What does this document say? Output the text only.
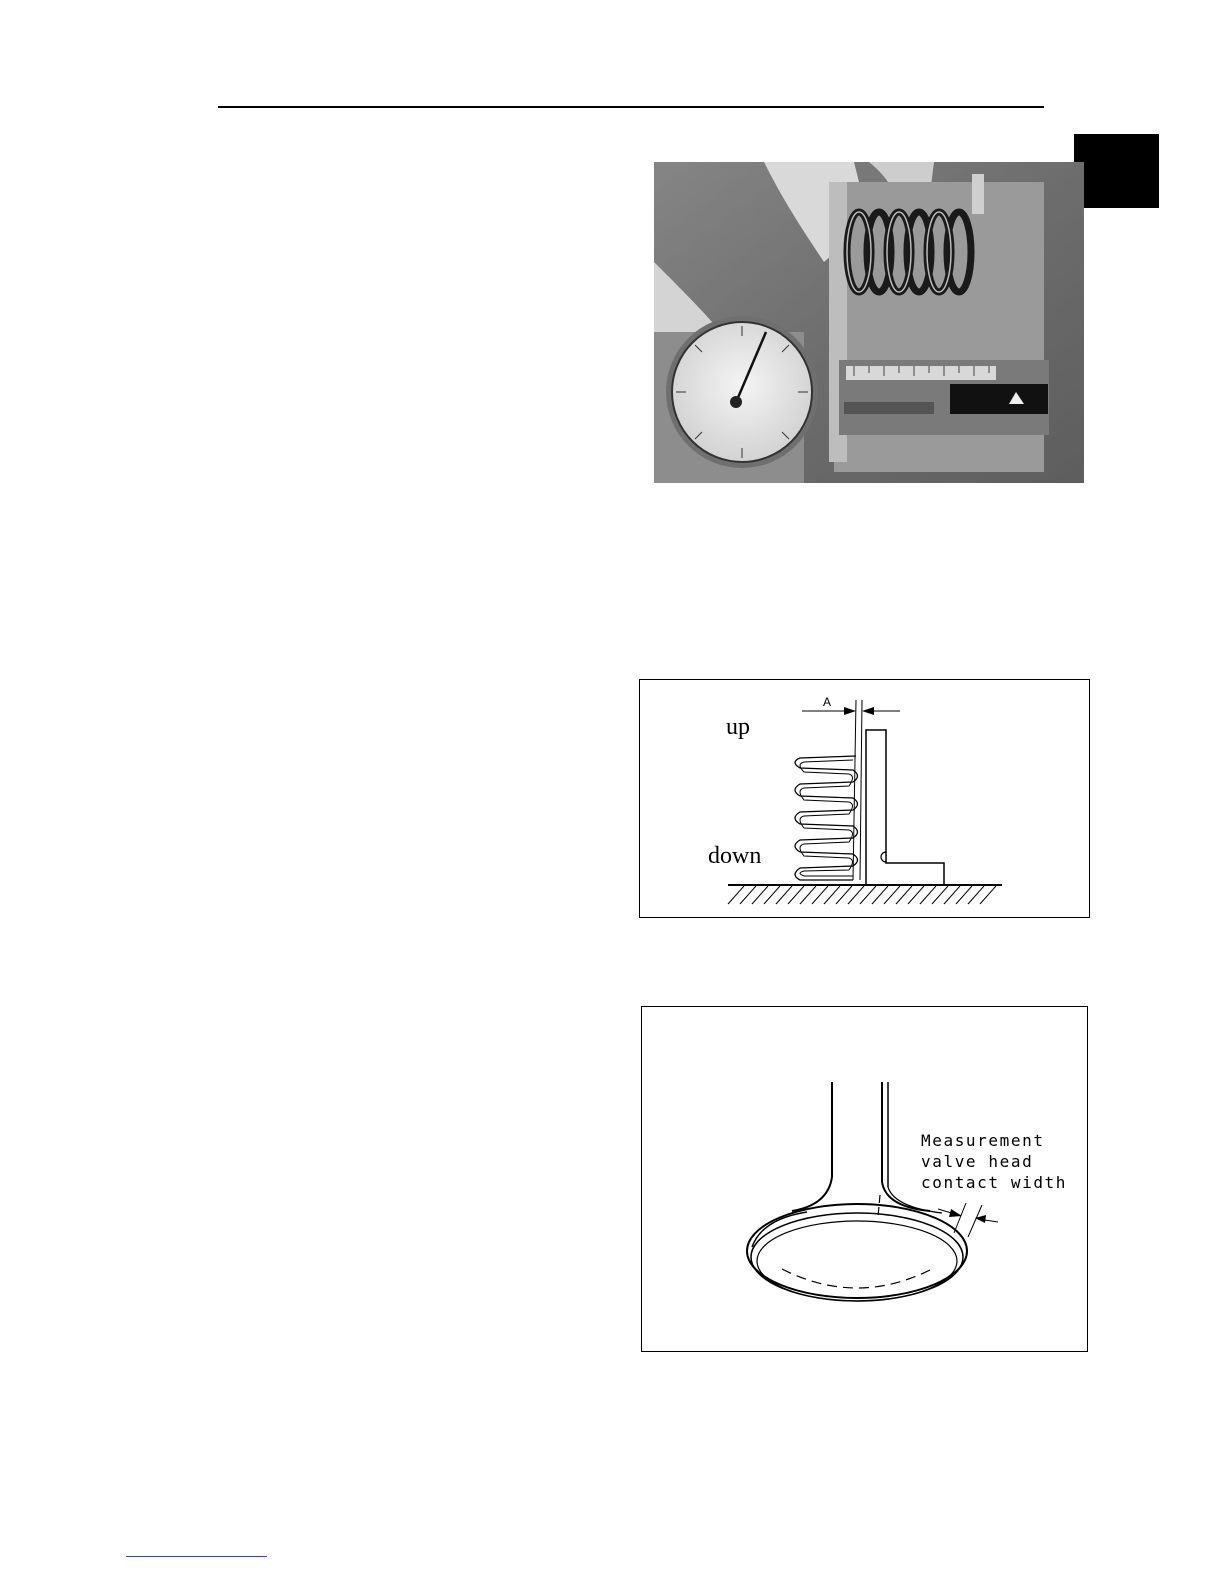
A
up
down
Measurement
valve head
contact width
